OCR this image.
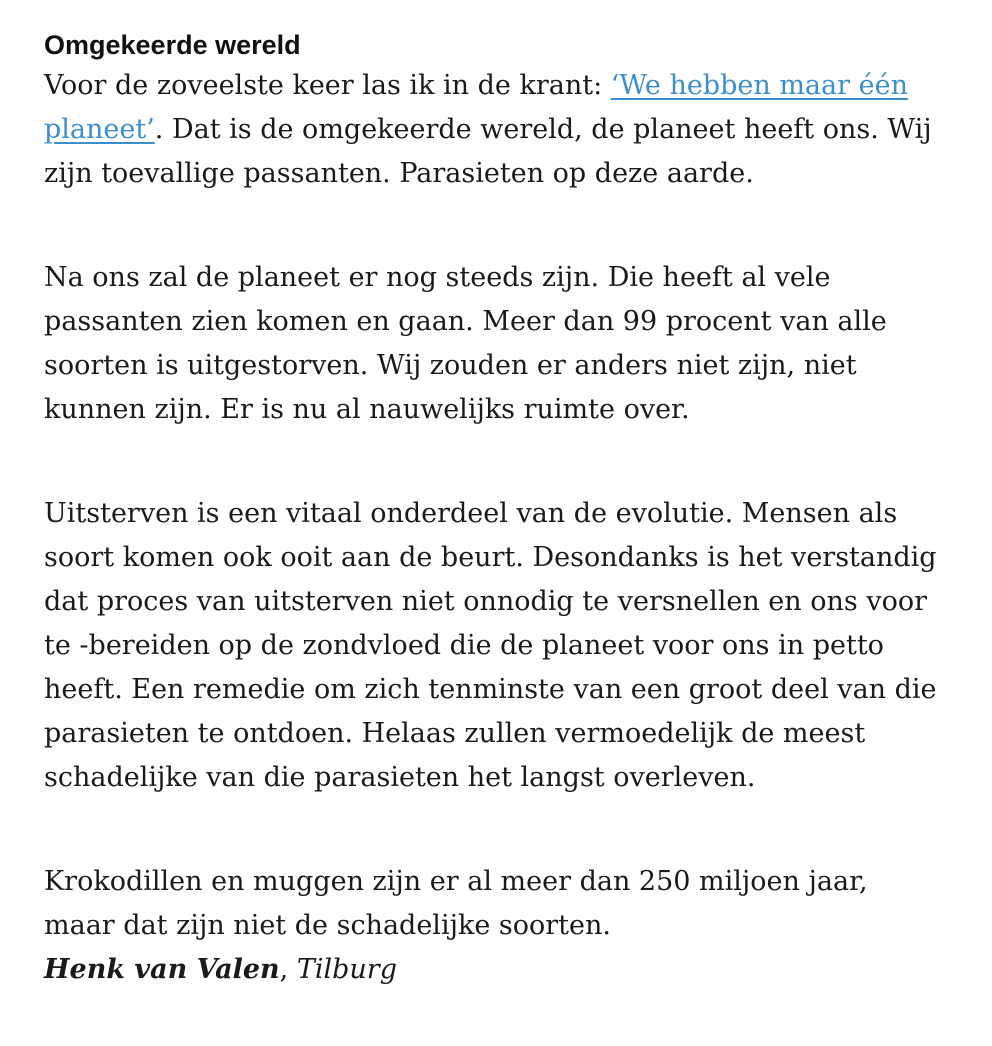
Omgekeerde wereld

Voor de zoveelste keer las ik in de krant: ‘We hebben maar één planeet’. Dat is de omgekeerde wereld, de planeet heeft ons. Wij zijn toevallige passanten. Parasieten op deze aarde.

Na ons zal de planeet er nog steeds zijn. Die heeft al vele passanten zien komen en gaan. Meer dan 99 procent van alle soorten is uitgestorven. Wij zouden er anders niet zijn, niet kunnen zijn. Er is nu al nauwelijks ruimte over.

Uitsterven is een vitaal onderdeel van de evolutie. Mensen als soort komen ook ooit aan de beurt. Desondanks is het verstandig dat proces van uitsterven niet onnodig te versnellen en ons voor te -bereiden op de zondvloed die de planeet voor ons in petto heeft. Een remedie om zich tenminste van een groot deel van die parasieten te ontdoen. Helaas zullen vermoedelijk de meest schadelijke van die parasieten het langst overleven.

Krokodillen en muggen zijn er al meer dan 250 miljoen jaar, maar dat zijn niet de schadelijke soorten.

Henk van Valen, Tilburg
